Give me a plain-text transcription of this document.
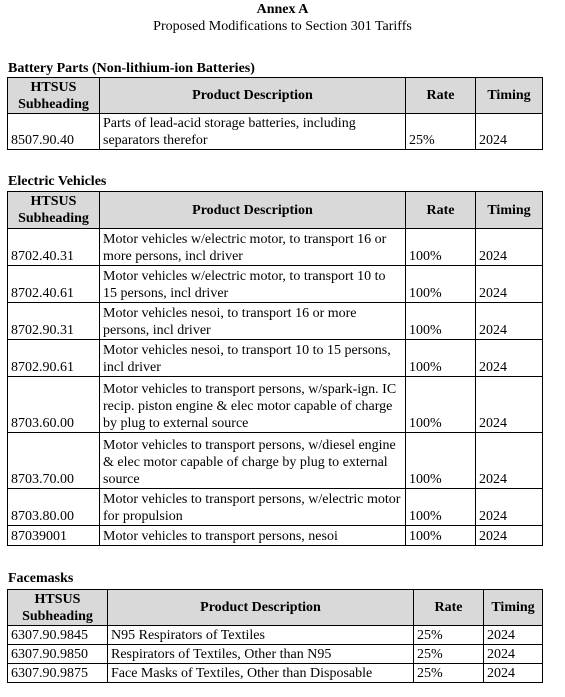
Annex A
Proposed Modifications to Section 301 Tariffs
Battery Parts (Non-lithium-ion Batteries)
HTSUS
Subheading	Product Description	Rate	Timing
8507.90.40	Parts of lead-acid storage batteries, including separators therefor	25%	2024
Electric Vehicles
HTSUS
Subheading	Product Description	Rate	Timing
8702.40.31	Motor vehicles w/electric motor, to transport 16 or more persons, incl driver	100%	2024
8702.40.61	Motor vehicles w/electric motor, to transport 10 to 15 persons, incl driver	100%	2024
8702.90.31	Motor vehicles nesoi, to transport 16 or more persons, incl driver	100%	2024
8702.90.61	Motor vehicles nesoi, to transport 10 to 15 persons, incl driver	100%	2024
8703.60.00	Motor vehicles to transport persons, w/spark-ign. IC recip. piston engine & elec motor capable of charge by plug to external source	100%	2024
8703.70.00	Motor vehicles to transport persons, w/diesel engine & elec motor capable of charge by plug to external source	100%	2024
8703.80.00	Motor vehicles to transport persons, w/electric motor for propulsion	100%	2024
87039001	Motor vehicles to transport persons, nesoi	100%	2024
Facemasks
HTSUS
Subheading	Product Description	Rate	Timing
6307.90.9845	N95 Respirators of Textiles	25%	2024
6307.90.9850	Respirators of Textiles, Other than N95	25%	2024
6307.90.9875	Face Masks of Textiles, Other than Disposable	25%	2024
